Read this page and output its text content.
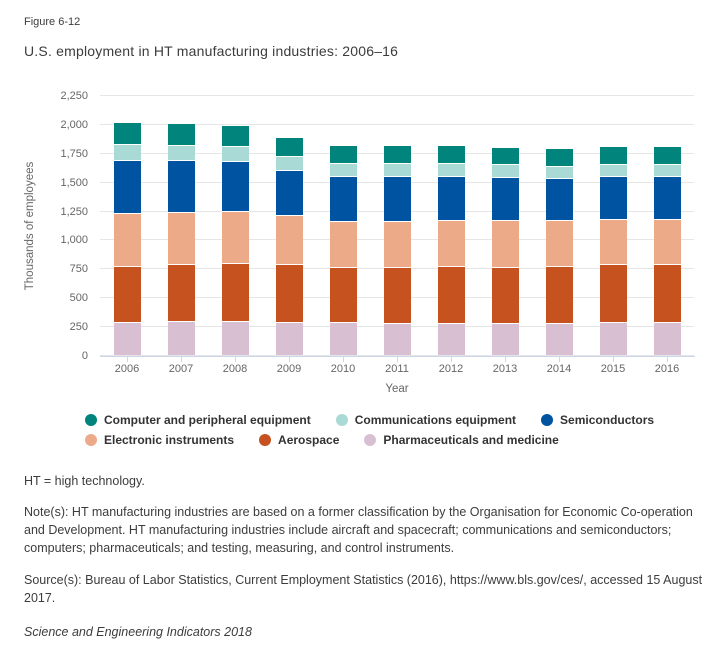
Figure 6-12
U.S. employment in HT manufacturing industries: 2006–16
Thousands of employees
0
250
500
750
1,000
1,250
1,500
1,750
2,000
2,250
2006	2007	2008	2009	2010	2011	2012	2013	2014	2015	2016
Year
Computer and peripheral equipment	Communications equipment	Semiconductors
Electronic instruments	Aerospace	Pharmaceuticals and medicine

HT = high technology.

Note(s): HT manufacturing industries are based on a former classification by the Organisation for Economic Co-operation and Development. HT manufacturing industries include aircraft and spacecraft; communications and semiconductors; computers; pharmaceuticals; and testing, measuring, and control instruments.

Source(s): Bureau of Labor Statistics, Current Employment Statistics (2016), https://www.bls.gov/ces/, accessed 15 August 2017.

Science and Engineering Indicators 2018
